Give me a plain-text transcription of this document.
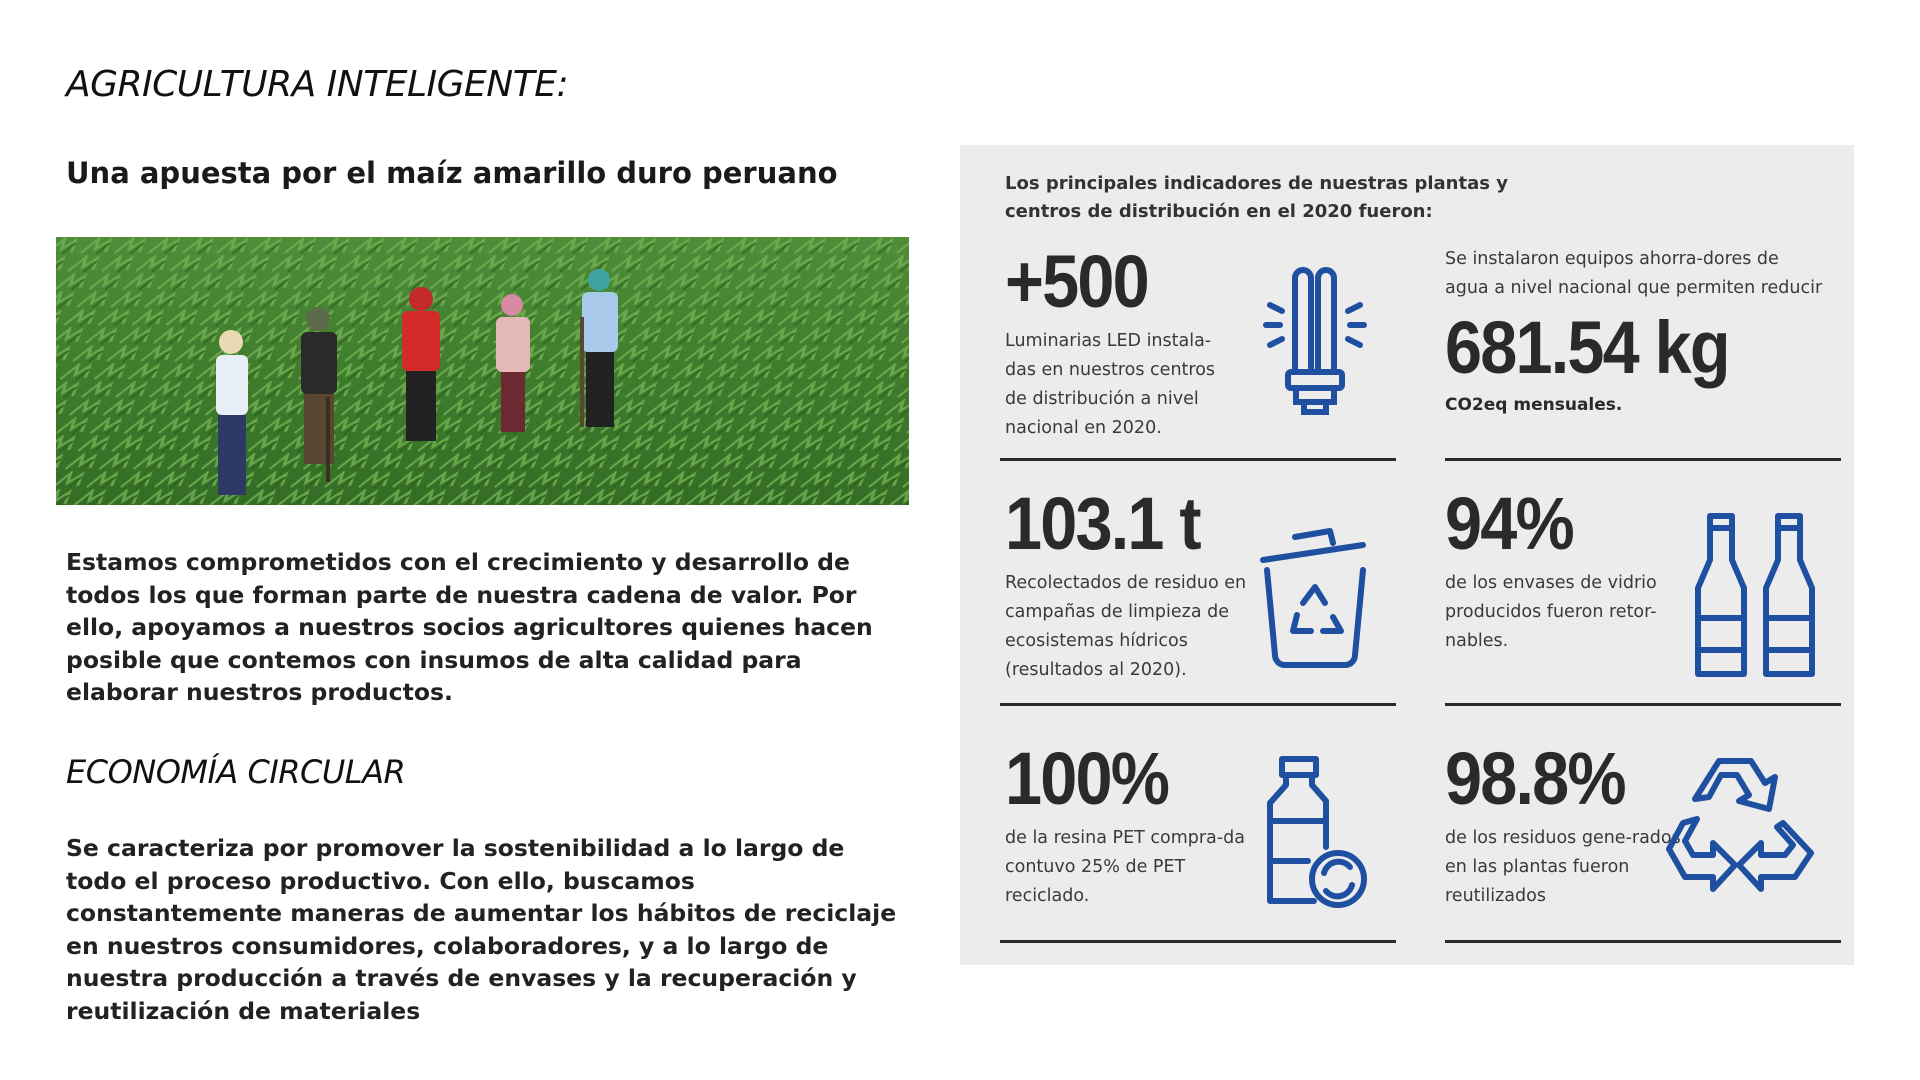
AGRICULTURA INTELIGENTE:
Una apuesta por el maíz amarillo duro peruano

Estamos comprometidos con el crecimiento y desarrollo de todos los que forman parte de nuestra cadena de valor. Por ello, apoyamos a nuestros socios agricultores quienes hacen posible que contemos con insumos de alta calidad para elaborar nuestros productos.

ECONOMÍA CIRCULAR

Se caracteriza por promover la sostenibilidad a lo largo de todo el proceso productivo. Con ello, buscamos constantemente maneras de aumentar los hábitos de reciclaje en nuestros consumidores, colaboradores, y a lo largo de nuestra producción a través de envases y la recuperación y reutilización de materiales

Los principales indicadores de nuestras plantas y centros de distribución en el 2020 fueron:

+500

Luminarias LED instala-das en nuestros centros de distribución a nivel nacional en 2020.

Se instalaron equipos ahorra-dores de agua a nivel nacional que permiten reducir

681.54 kg

CO2eq mensuales.

103.1 t

Recolectados de residuo en campañas de limpieza de ecosistemas hídricos (resultados al 2020).

94%

de los envases de vidrio producidos fueron retor-nables.

100%

de la resina PET compra-da contuvo 25% de PET reciclado.

98.8%

de los residuos gene-rados en las plantas fueron reutilizados
